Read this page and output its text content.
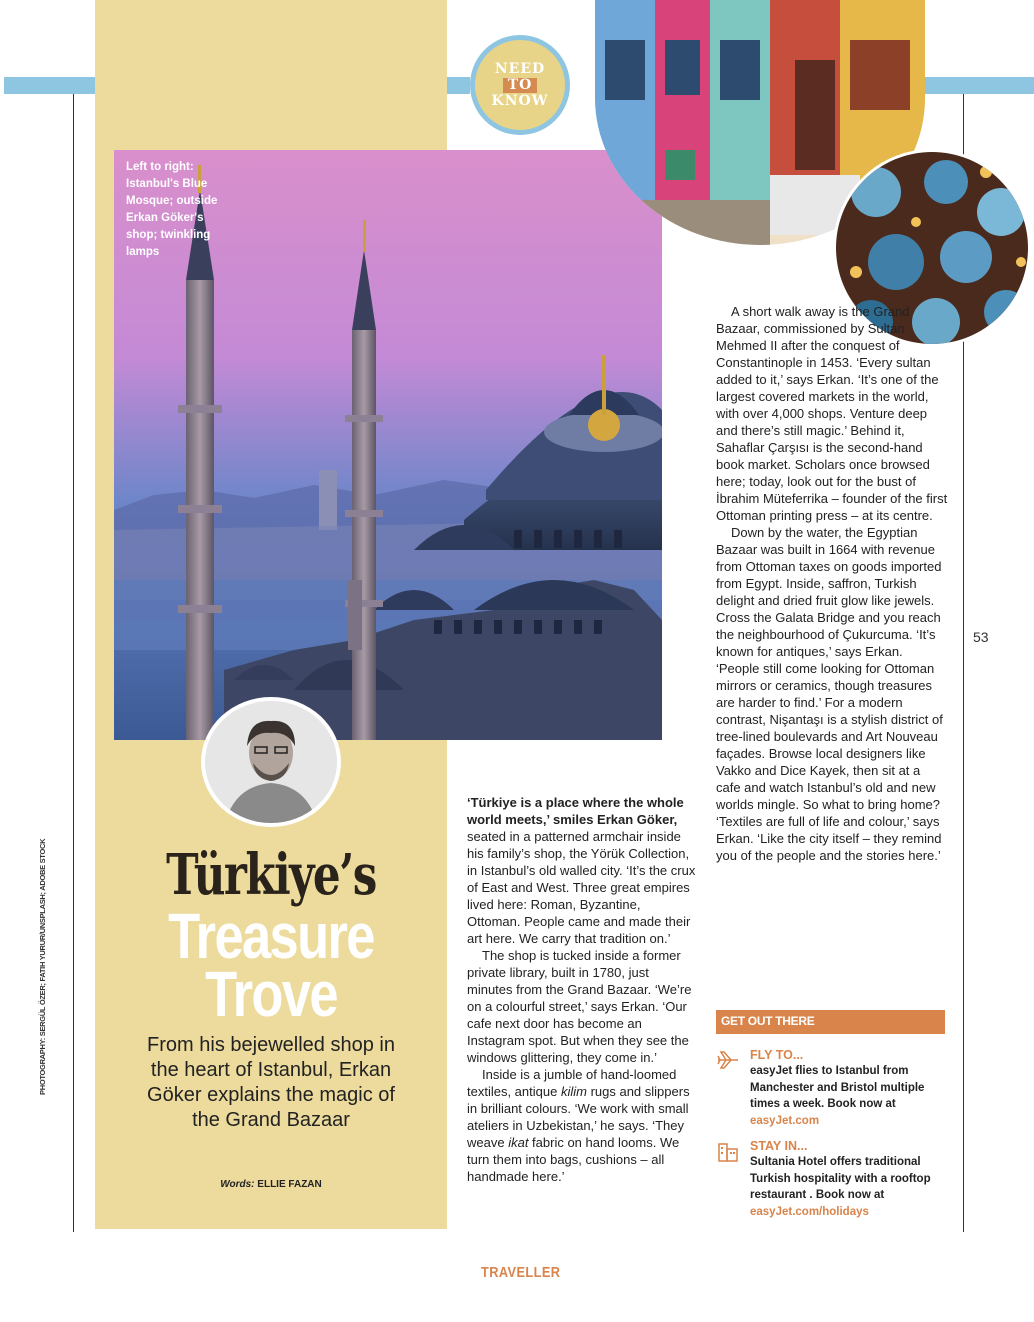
Left to right: Istanbul's Blue Mosque; outside Erkan Göker's shop; twinkling lamps
NEED
TO
KNOW
Türkiye’s
Treasure
Trove
From his bejewelled shop in the heart of Istanbul, Erkan Göker explains the magic of the Grand Bazaar
Words: ELLIE FAZAN
PHOTOGRAPHY: SERGÜL ÖZER; FATIH YURUR/UNSPLASH; ADOBE STOCK

‘Türkiye is a place where the whole world meets,’ smiles Erkan Göker, seated in a patterned armchair inside his family’s shop, the Yörük Collection, in Istanbul’s old walled city. ‘It’s the crux of East and West. Three great empires lived here: Roman, Byzantine, Ottoman. People came and made their art here. We carry that tradition on.’

The shop is tucked inside a former private library, built in 1780, just minutes from the Grand Bazaar. ‘We’re on a colourful street,’ says Erkan. ‘Our cafe next door has become an Instagram spot. But when they see the windows glittering, they come in.’

Inside is a jumble of hand-loomed textiles, antique kilim rugs and slippers in brilliant colours. ‘We work with small ateliers in Uzbekistan,’ he says. ‘They weave ikat fabric on hand looms. We turn them into bags, cushions – all handmade here.’

A short walk away is the Grand Bazaar, commissioned by Sultan Mehmed II after the conquest of Constantinople in 1453. ‘Every sultan added to it,’ says Erkan. ‘It’s one of the largest covered markets in the world, with over 4,000 shops. Venture deep and there’s still magic.’ Behind it, Sahaflar Çarşısı is the second-hand book market. Scholars once browsed here; today, look out for the bust of İbrahim Müteferrika – founder of the first Ottoman printing press – at its centre.

Down by the water, the Egyptian Bazaar was built in 1664 with revenue from Ottoman taxes on goods imported from Egypt. Inside, saffron, Turkish delight and dried fruit glow like jewels. Cross the Galata Bridge and you reach the neighbourhood of Çukurcuma. ‘It’s known for antiques,’ says Erkan. ‘People still come looking for Ottoman mirrors or ceramics, though treasures are harder to find.’ For a modern contrast, Nişantaşı is a stylish district of tree-lined boulevards and Art Nouveau façades. Browse local designers like Vakko and Dice Kayek, then sit at a cafe and watch Istanbul’s old and new worlds mingle. So what to bring home? ‘Textiles are full of life and colour,’ says Erkan. ‘Like the city itself – they remind you of the people and the stories here.’

53
GET OUT THERE
FLY TO...
easyJet flies to Istanbul from Manchester and Bristol multiple times a week. Book now at
easyJet.com
STAY IN...
Sultania Hotel offers traditional Turkish hospitality with a rooftop restaurant . Book now at
easyJet.com/holidays
TRAVELLER
